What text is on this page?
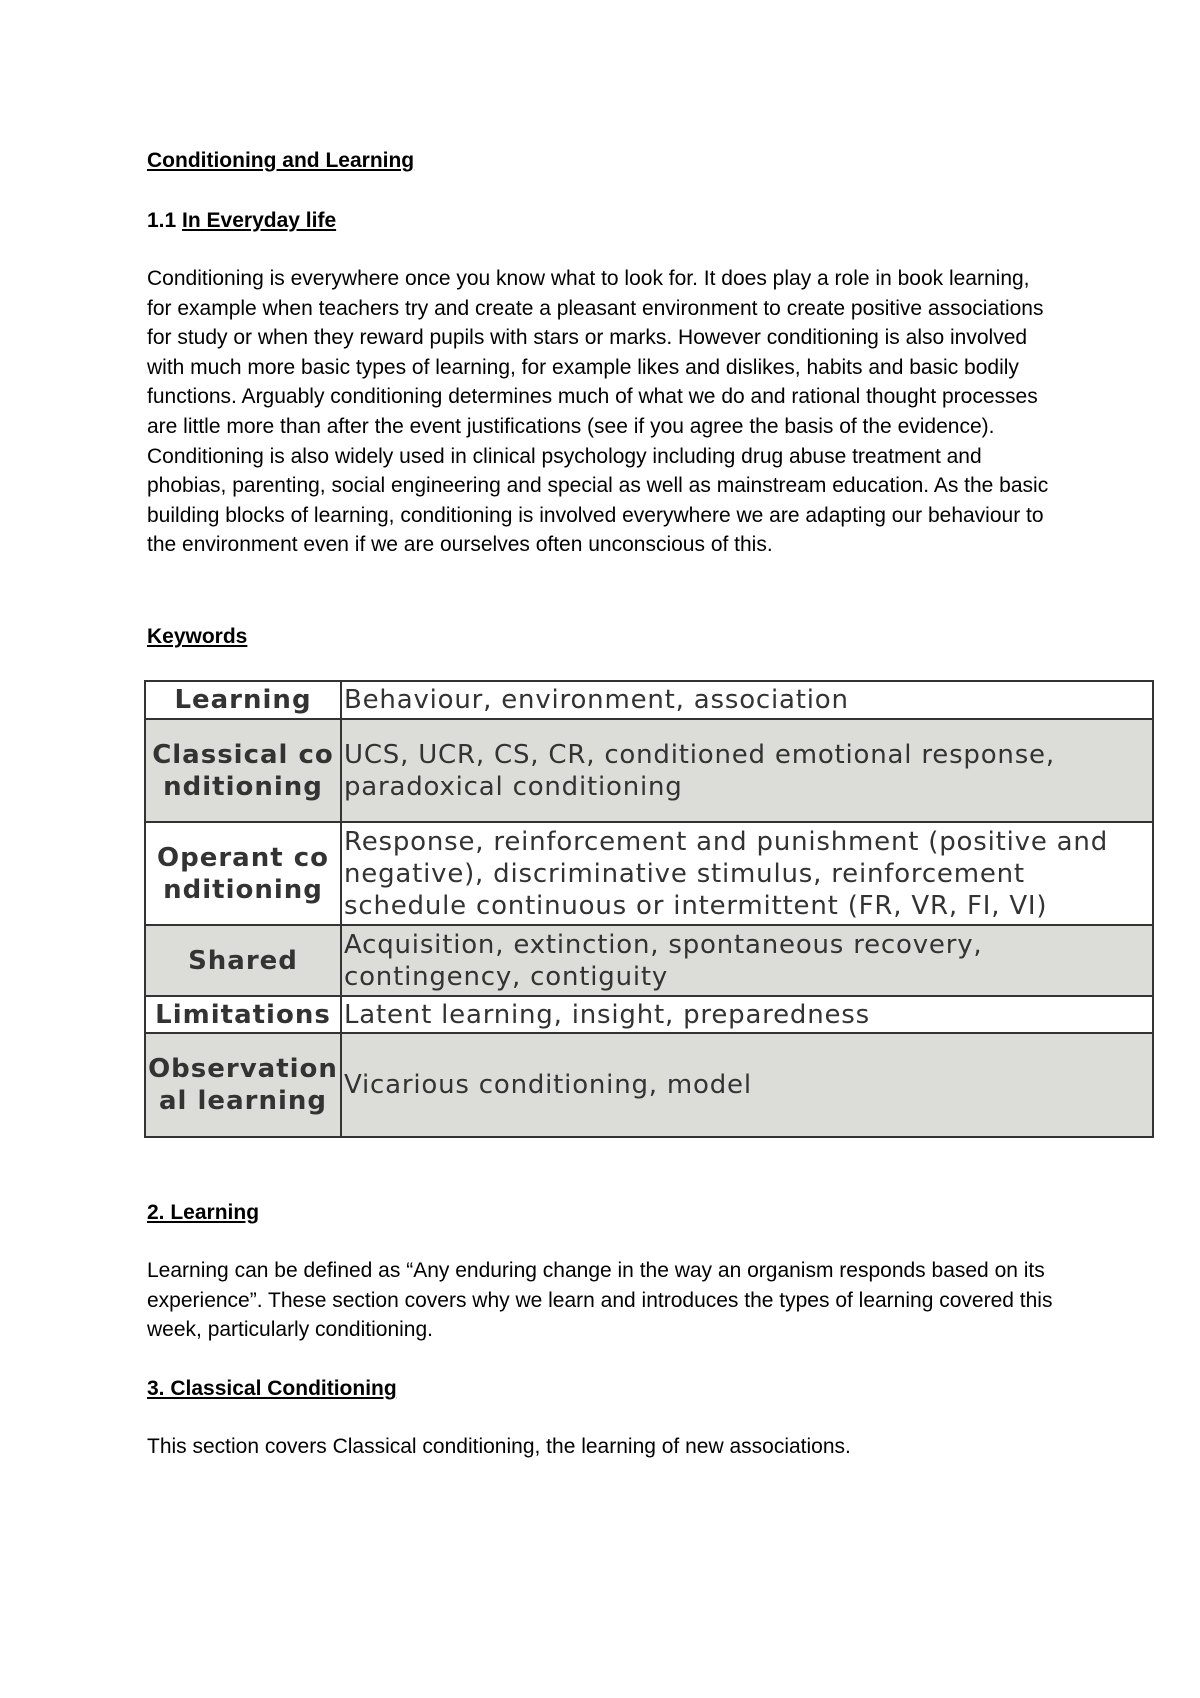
Conditioning and Learning
1.1 In Everyday life
Conditioning is everywhere once you know what to look for. It does play a role in book learning, for example when teachers try and create a pleasant environment to create positive associations for study or when they reward pupils with stars or marks. However conditioning is also involved with much more basic types of learning, for example likes and dislikes, habits and basic bodily functions. Arguably conditioning determines much of what we do and rational thought processes are little more than after the event justifications (see if you agree the basis of the evidence). Conditioning is also widely used in clinical psychology including drug abuse treatment and phobias, parenting, social engineering and special as well as mainstream education. As the basic building blocks of learning, conditioning is involved everywhere we are adapting our behaviour to the environment even if we are ourselves often unconscious of this.
Keywords
Learning	Behaviour, environment, association
Classical conditioning	UCS, UCR, CS, CR, conditioned emotional response, paradoxical conditioning
Operant conditioning	Response, reinforcement and punishment (positive and negative), discriminative stimulus, reinforcement schedule continuous or intermittent (FR, VR, FI, VI)
Shared	Acquisition, extinction, spontaneous recovery, contingency, contiguity
Limitations	Latent learning, insight, preparedness
Observational learning	Vicarious conditioning, model
2. Learning
Learning can be defined as “Any enduring change in the way an organism responds based on its experience”. These section covers why we learn and introduces the types of learning covered this week, particularly conditioning.
3. Classical Conditioning
This section covers Classical conditioning, the learning of new associations.
